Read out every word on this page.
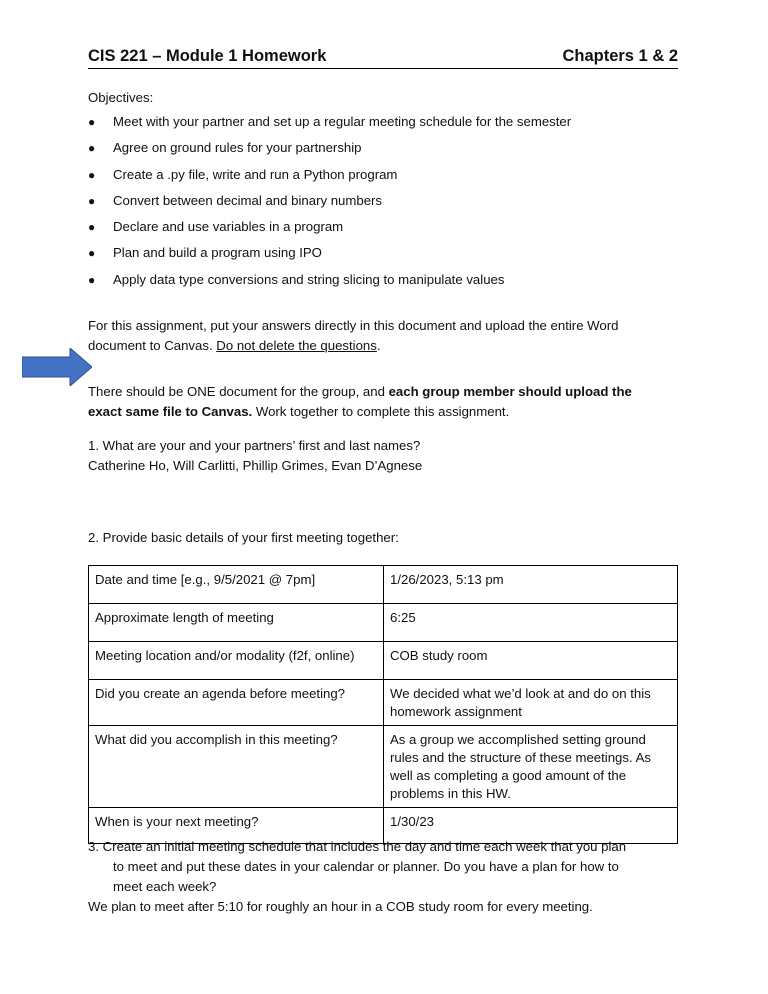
CIS 221 – Module 1 Homework	Chapters 1 & 2

Objectives:

● Meet with your partner and set up a regular meeting schedule for the semester
● Agree on ground rules for your partnership
● Create a .py file, write and run a Python program
● Convert between decimal and binary numbers
● Declare and use variables in a program
● Plan and build a program using IPO
● Apply data type conversions and string slicing to manipulate values
For this assignment, put your answers directly in this document and upload the entire Word
document to Canvas. Do not delete the questions.
There should be ONE document for the group, and each group member should upload the
exact same file to Canvas. Work together to complete this assignment.
1. What are your and your partners’ first and last names?
Catherine Ho, Will Carlitti, Phillip Grimes, Evan D’Agnese
2. Provide basic details of your first meeting together:
Date and time [e.g., 9/5/2021 @ 7pm]	1/26/2023, 5:13 pm
Approximate length of meeting	6:25
Meeting location and/or modality (f2f, online)	COB study room
Did you create an agenda before meeting?	We decided what we’d look at and do on this homework assignment
What did you accomplish in this meeting?	As a group we accomplished setting ground rules and the structure of these meetings. As well as completing a good amount of the problems in this HW.
When is your next meeting?	1/30/23
3. Create an initial meeting schedule that includes the day and time each week that you plan
to meet and put these dates in your calendar or planner. Do you have a plan for how to
meet each week?
We plan to meet after 5:10 for roughly an hour in a COB study room for every meeting.
